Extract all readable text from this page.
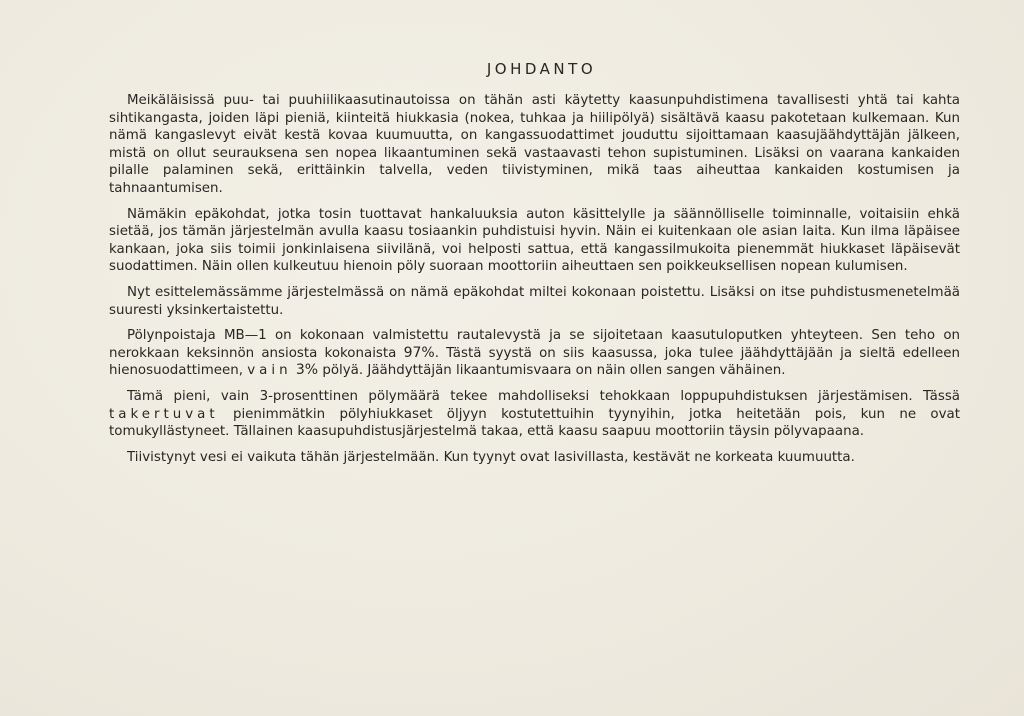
JOHDANTO

Meikäläisissä puu- tai puuhiilikaasutinautoissa on tähän asti käytetty kaasunpuhdistimena tavallisesti yhtä tai kahta sihtikangasta, joiden läpi pieniä, kiinteitä hiukkasia (nokea, tuhkaa ja hiilipölyä) sisältävä kaasu pakotetaan kulkemaan. Kun nämä kangaslevyt eivät kestä kovaa kuumuutta, on kangassuodattimet jouduttu sijoittamaan kaasujäähdyttäjän jälkeen, mistä on ollut seurauksena sen nopea likaantuminen sekä vastaavasti tehon supistuminen. Lisäksi on vaarana kankaiden pilalle palaminen sekä, erittäinkin talvella, veden tiivistyminen, mikä taas aiheuttaa kankaiden kostumisen ja tahnaantumisen.

Nämäkin epäkohdat, jotka tosin tuottavat hankaluuksia auton käsittelylle ja säännölliselle toiminnalle, voitaisiin ehkä sietää, jos tämän järjestelmän avulla kaasu tosiaankin puhdistuisi hyvin. Näin ei kuitenkaan ole asian laita. Kun ilma läpäisee kankaan, joka siis toimii jonkinlaisena siivilänä, voi helposti sattua, että kangassilmukoita pienemmät hiukkaset läpäisevät suodattimen. Näin ollen kulkeutuu hienoin pöly suoraan moottoriin aiheuttaen sen poikkeuksellisen nopean kulumisen.

Nyt esittelemässämme järjestelmässä on nämä epäkohdat miltei kokonaan poistettu. Lisäksi on itse puhdistusmenetelmää suuresti yksinkertaistettu.

Pölynpoistaja MB—1 on kokonaan valmistettu rautalevystä ja se sijoitetaan kaasutuloputken yhteyteen. Sen teho on nerokkaan keksinnön ansiosta kokonaista 97%. Tästä syystä on siis kaasussa, joka tulee jäähdyttäjään ja sieltä edelleen hienosuodattimeen, vain 3% pölyä. Jäähdyttäjän likaantumisvaara on näin ollen sangen vähäinen.

Tämä pieni, vain 3-prosenttinen pölymäärä tekee mahdolliseksi tehokkaan loppupuhdistuksen järjestämisen. Tässä takertuvat pienimmätkin pölyhiukkaset öljyyn kostutettuihin tyynyihin, jotka heitetään pois, kun ne ovat tomukyllästyneet. Tällainen kaasupuhdistusjärjestelmä takaa, että kaasu saapuu moottoriin täysin pölyvapaana.

Tiivistynyt vesi ei vaikuta tähän järjestelmään. Kun tyynyt ovat lasivillasta, kestävät ne korkeata kuumuutta.
